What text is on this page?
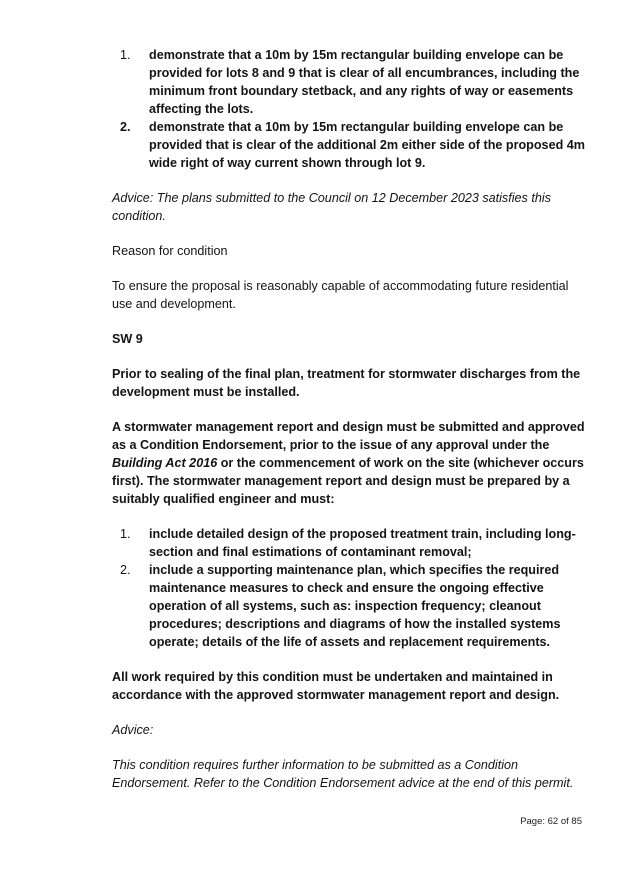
1. demonstrate that a 10m by 15m rectangular building envelope can be provided for lots 8 and 9 that is clear of all encumbrances, including the minimum front boundary stetback, and any rights of way or easements affecting the lots.
2. demonstrate that a 10m by 15m rectangular building envelope can be provided that is clear of the additional 2m either side of the proposed 4m wide right of way current shown through lot 9.

Advice: The plans submitted to the Council on 12 December 2023 satisfies this condition.

Reason for condition

To ensure the proposal is reasonably capable of accommodating future residential use and development.

SW 9

Prior to sealing of the final plan, treatment for stormwater discharges from the development must be installed.

A stormwater management report and design must be submitted and approved as a Condition Endorsement, prior to the issue of any approval under the Building Act 2016 or the commencement of work on the site (whichever occurs first). The stormwater management report and design must be prepared by a suitably qualified engineer and must:

1. include detailed design of the proposed treatment train, including long-section and final estimations of contaminant removal;
2. include a supporting maintenance plan, which specifies the required maintenance measures to check and ensure the ongoing effective operation of all systems, such as: inspection frequency; cleanout procedures; descriptions and diagrams of how the installed systems operate; details of the life of assets and replacement requirements.

All work required by this condition must be undertaken and maintained in accordance with the approved stormwater management report and design.

Advice:

This condition requires further information to be submitted as a Condition Endorsement. Refer to the Condition Endorsement advice at the end of this permit.

Page: 62 of 85
